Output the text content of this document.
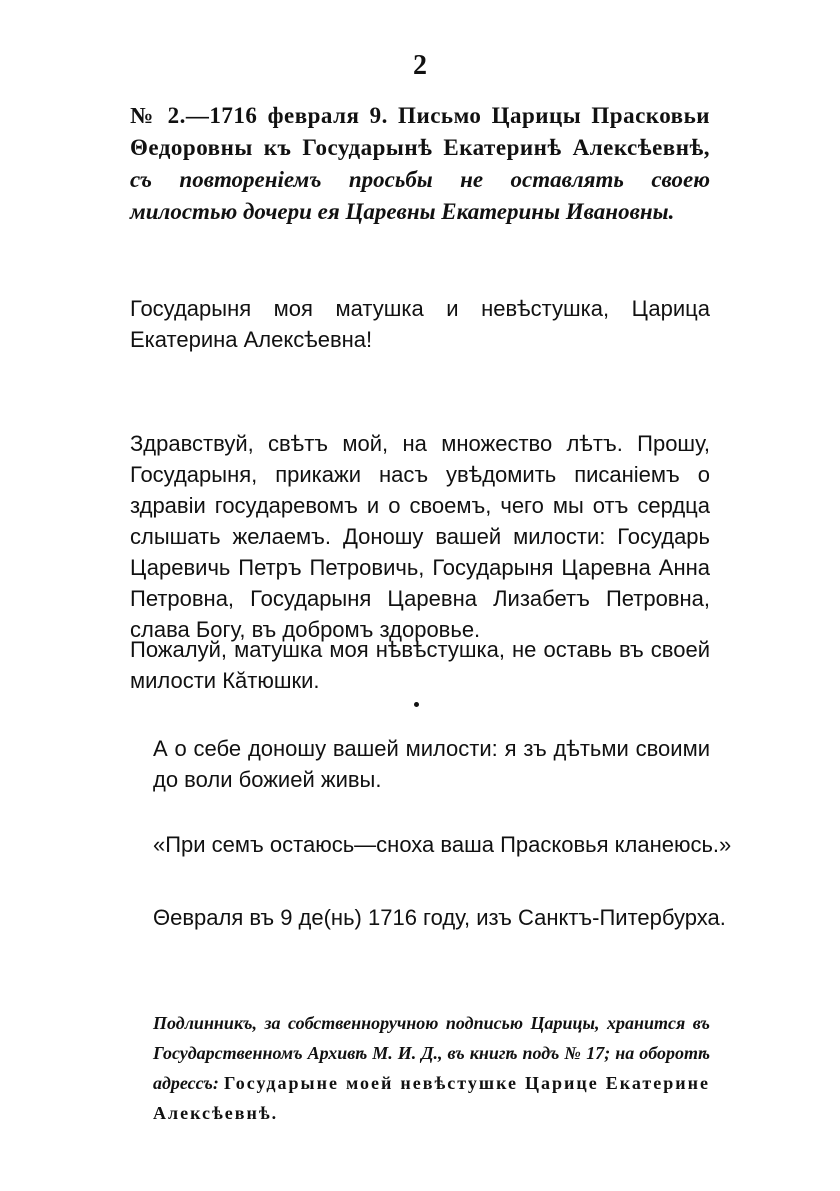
2
№ 2.—1716 февраля 9. Письмо Царицы Прасковьи Θедоровны къ Государынѣ Екатеринѣ Алексѣевнѣ, съ повтореніемъ просьбы не оставлять своею милостью дочери ея Царевны Екатерины Ивановны.
Государыня моя матушка и невѣстушка, Царица Екатерина Алексѣевна!
Здравствуй, свѣтъ мой, на множество лѣтъ. Прошу, Государыня, прикажи насъ увѣдомить писаніемъ о здравіи государевомъ и о своемъ, чего мы отъ сердца слышать желаемъ. Доношу вашей милости: Государь Царевичь Петръ Петровичь, Государыня Царевна Анна Петровна, Государыня Царевна Лизабетъ Петровна, слава Богу, въ добромъ здоровье.
Пожалуй, матушка моя нѣвѣстушка, не оставь въ своей милости Кăтюшки.
А о себе доношу вашей милости: я зъ дѣтьми своими до воли божией живы.
«При семъ остаюсь—сноха ваша Прасковья кланеюсь.»
Θевраля въ 9 де(нь) 1716 году, изъ Санктъ-Питербурха.
Подлинникъ, за собственноручною подписью Царицы, хранится въ Государственномъ Архивѣ М. И. Д., въ книгѣ подъ № 17; на оборотѣ адрессъ: Государыне моей невѣстушке Царице Екатерине Алексѣевнѣ.
